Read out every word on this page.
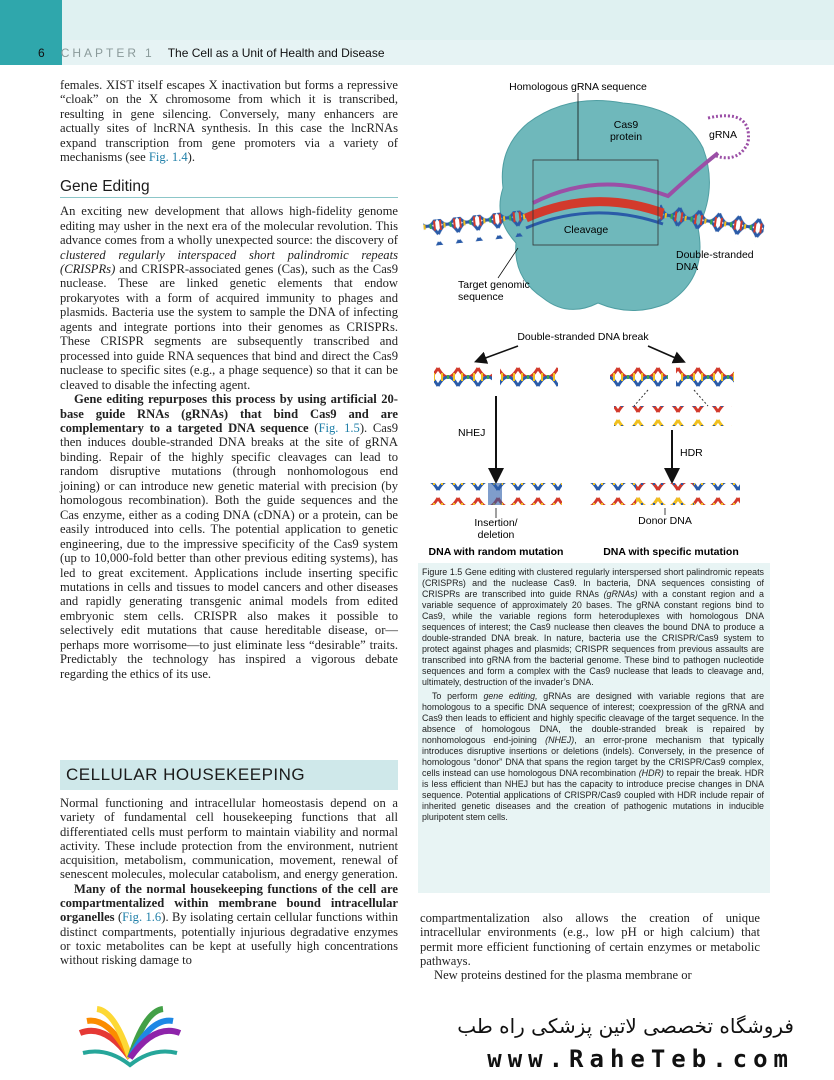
6 CHAPTER 1 The Cell as a Unit of Health and Disease

females. XIST itself escapes X inactivation but forms a repressive “cloak” on the X chromosome from which it is transcribed, resulting in gene silencing. Conversely, many enhancers are actually sites of lncRNA synthesis. In this case the lncRNAs expand transcription from gene promoters via a variety of mechanisms (see Fig. 1.4).

Gene Editing

An exciting new development that allows high-fidelity genome editing may usher in the next era of the molecular revolution. This advance comes from a wholly unexpected source: the discovery of clustered regularly interspaced short palindromic repeats (CRISPRs) and CRISPR-associated genes (Cas), such as the Cas9 nuclease. These are linked genetic elements that endow prokaryotes with a form of acquired immunity to phages and plasmids. Bacteria use the system to sample the DNA of infecting agents and integrate portions into their genomes as CRISPRs. These CRISPR segments are subsequently transcribed and processed into guide RNA sequences that bind and direct the Cas9 nuclease to specific sites (e.g., a phage sequence) so that it can be cleaved to disable the infecting agent.

Gene editing repurposes this process by using artificial 20-base guide RNAs (gRNAs) that bind Cas9 and are complementary to a targeted DNA sequence (Fig. 1.5). Cas9 then induces double-stranded DNA breaks at the site of gRNA binding. Repair of the highly specific cleavages can lead to random disruptive mutations (through nonhomologous end joining) or can introduce new genetic material with precision (by homologous recombination). Both the guide sequences and the Cas enzyme, either as a coding DNA (cDNA) or a protein, can be easily introduced into cells. The potential application to genetic engineering, due to the impressive specificity of the Cas9 system (up to 10,000-fold better than other previous editing systems), has led to great excitement. Applications include inserting specific mutations in cells and tissues to model cancers and other diseases and rapidly generating transgenic animal models from edited embryonic stem cells. CRISPR also makes it possible to selectively edit mutations that cause hereditable disease, or—perhaps more worrisome—to just eliminate less “desirable” traits. Predictably the technology has inspired a vigorous debate regarding the ethics of its use.

CELLULAR HOUSEKEEPING

Normal functioning and intracellular homeostasis depend on a variety of fundamental cell housekeeping functions that all differentiated cells must perform to maintain viability and normal activity. These include protection from the environment, nutrient acquisition, metabolism, communication, movement, renewal of senescent molecules, molecular catabolism, and energy generation.

Many of the normal housekeeping functions of the cell are compartmentalized within membrane bound intracellular organelles (Fig. 1.6). By isolating certain cellular functions within distinct compartments, potentially injurious degradative enzymes or toxic metabolites can be kept at usefully high concentrations without risking damage to

Homologous gRNA sequence
Cas9
protein	gRNA
Cleavage
Double-stranded
DNA
Target genomic
sequence
Double-stranded DNA break
NHEJ
HDR
Insertion/
deletion
Donor DNA
DNA with random mutation	DNA with specific mutation

Figure 1.5 Gene editing with clustered regularly interspersed short palindromic repeats (CRISPRs) and the nuclease Cas9. In bacteria, DNA sequences consisting of CRISPRs are transcribed into guide RNAs (gRNAs) with a constant region and a variable sequence of approximately 20 bases. The gRNA constant regions bind to Cas9, while the variable regions form heteroduplexes with homologous DNA sequences of interest; the Cas9 nuclease then cleaves the bound DNA to produce a double-stranded DNA break. In nature, bacteria use the CRISPR/Cas9 system to protect against phages and plasmids; CRISPR sequences from previous assaults are transcribed into gRNA from the bacterial genome. These bind to pathogen nucleotide sequences and form a complex with the Cas9 nuclease that leads to cleavage and, ultimately, destruction of the invader’s DNA.

To perform gene editing, gRNAs are designed with variable regions that are homologous to a specific DNA sequence of interest; coexpression of the gRNA and Cas9 then leads to efficient and highly specific cleavage of the target sequence. In the absence of homologous DNA, the double-stranded break is repaired by nonhomologous end-joining (NHEJ), an error-prone mechanism that typically introduces disruptive insertions or deletions (indels). Conversely, in the presence of homologous “donor” DNA that spans the region target by the CRISPR/Cas9 complex, cells instead can use homologous DNA recombination (HDR) to repair the break. HDR is less efficient than NHEJ but has the capacity to introduce precise changes in DNA sequence. Potential applications of CRISPR/Cas9 coupled with HDR include repair of inherited genetic diseases and the creation of pathogenic mutations in inducible pluripotent stem cells.

compartmentalization also allows the creation of unique intracellular environments (e.g., low pH or high calcium) that permit more efficient functioning of certain enzymes or metabolic pathways.

New proteins destined for the plasma membrane or

فروشگاه تخصصی لاتین پزشکی راه طب
www.RaheTeb.com
